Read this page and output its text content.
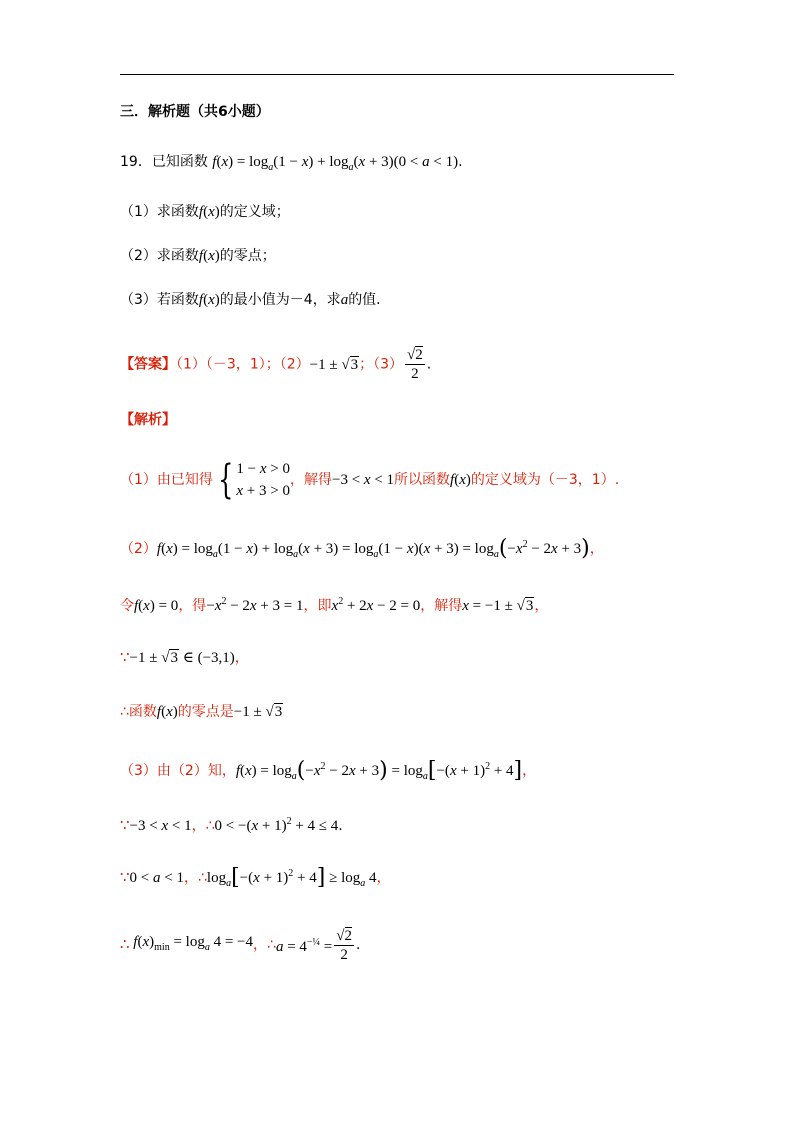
三．解析题（共6小题）
19．已知函数 $f(x) = \log_a(1 - x) + \log_a(x + 3)(0 < a < 1)$.
（1）求函数f(x)的定义域；
（2）求函数f(x)的零点；
（3）若函数f(x)的最小值为－4，求a的值.
【答案】（1）（－3，1）；（2）−1 ± √3；$(3) \frac{√2}{2}$ .
【解析】
（1）由已知得 { 1 − x > 0
x + 3 > 0
，解得 −3 < x < 1 所以函数 f(x) 的定义域为（－3，1）.
$(2)f(x) = \log_a(1 - x) + \log_a(x + 3) = \log_a(1 - x)(x + 3) = \log_a(-x^2 - 2x + 3)$，
令f(x) = 0，得$-x^2 - 2x + 3 = 1$，即$x^2 + 2x - 2 = 0$，解得x = −1 ± √3，
∵−1 ± √3 ∈ (−3,1)，
∴函数f(x)的零点是−1 ± √3
（3）由（2）知，$f(x) = \log_a(-x^2 - 2x + 3) = \log_a[-(x + 1)^2 + 4]$，
∵−3 < x < 1，∴0 < $-(x + 1)^2 + 4 \le 4$.
∵0 < a < 1，$\therefore\log_a[-(x + 1)^2 + 4] \ge \log_a 4$，
∴ $f(x)_{min} = \log_a 4 = -4$ ，∴ $a = 4^{-\frac{1}{4}} = \frac{√2}{2}$ .
